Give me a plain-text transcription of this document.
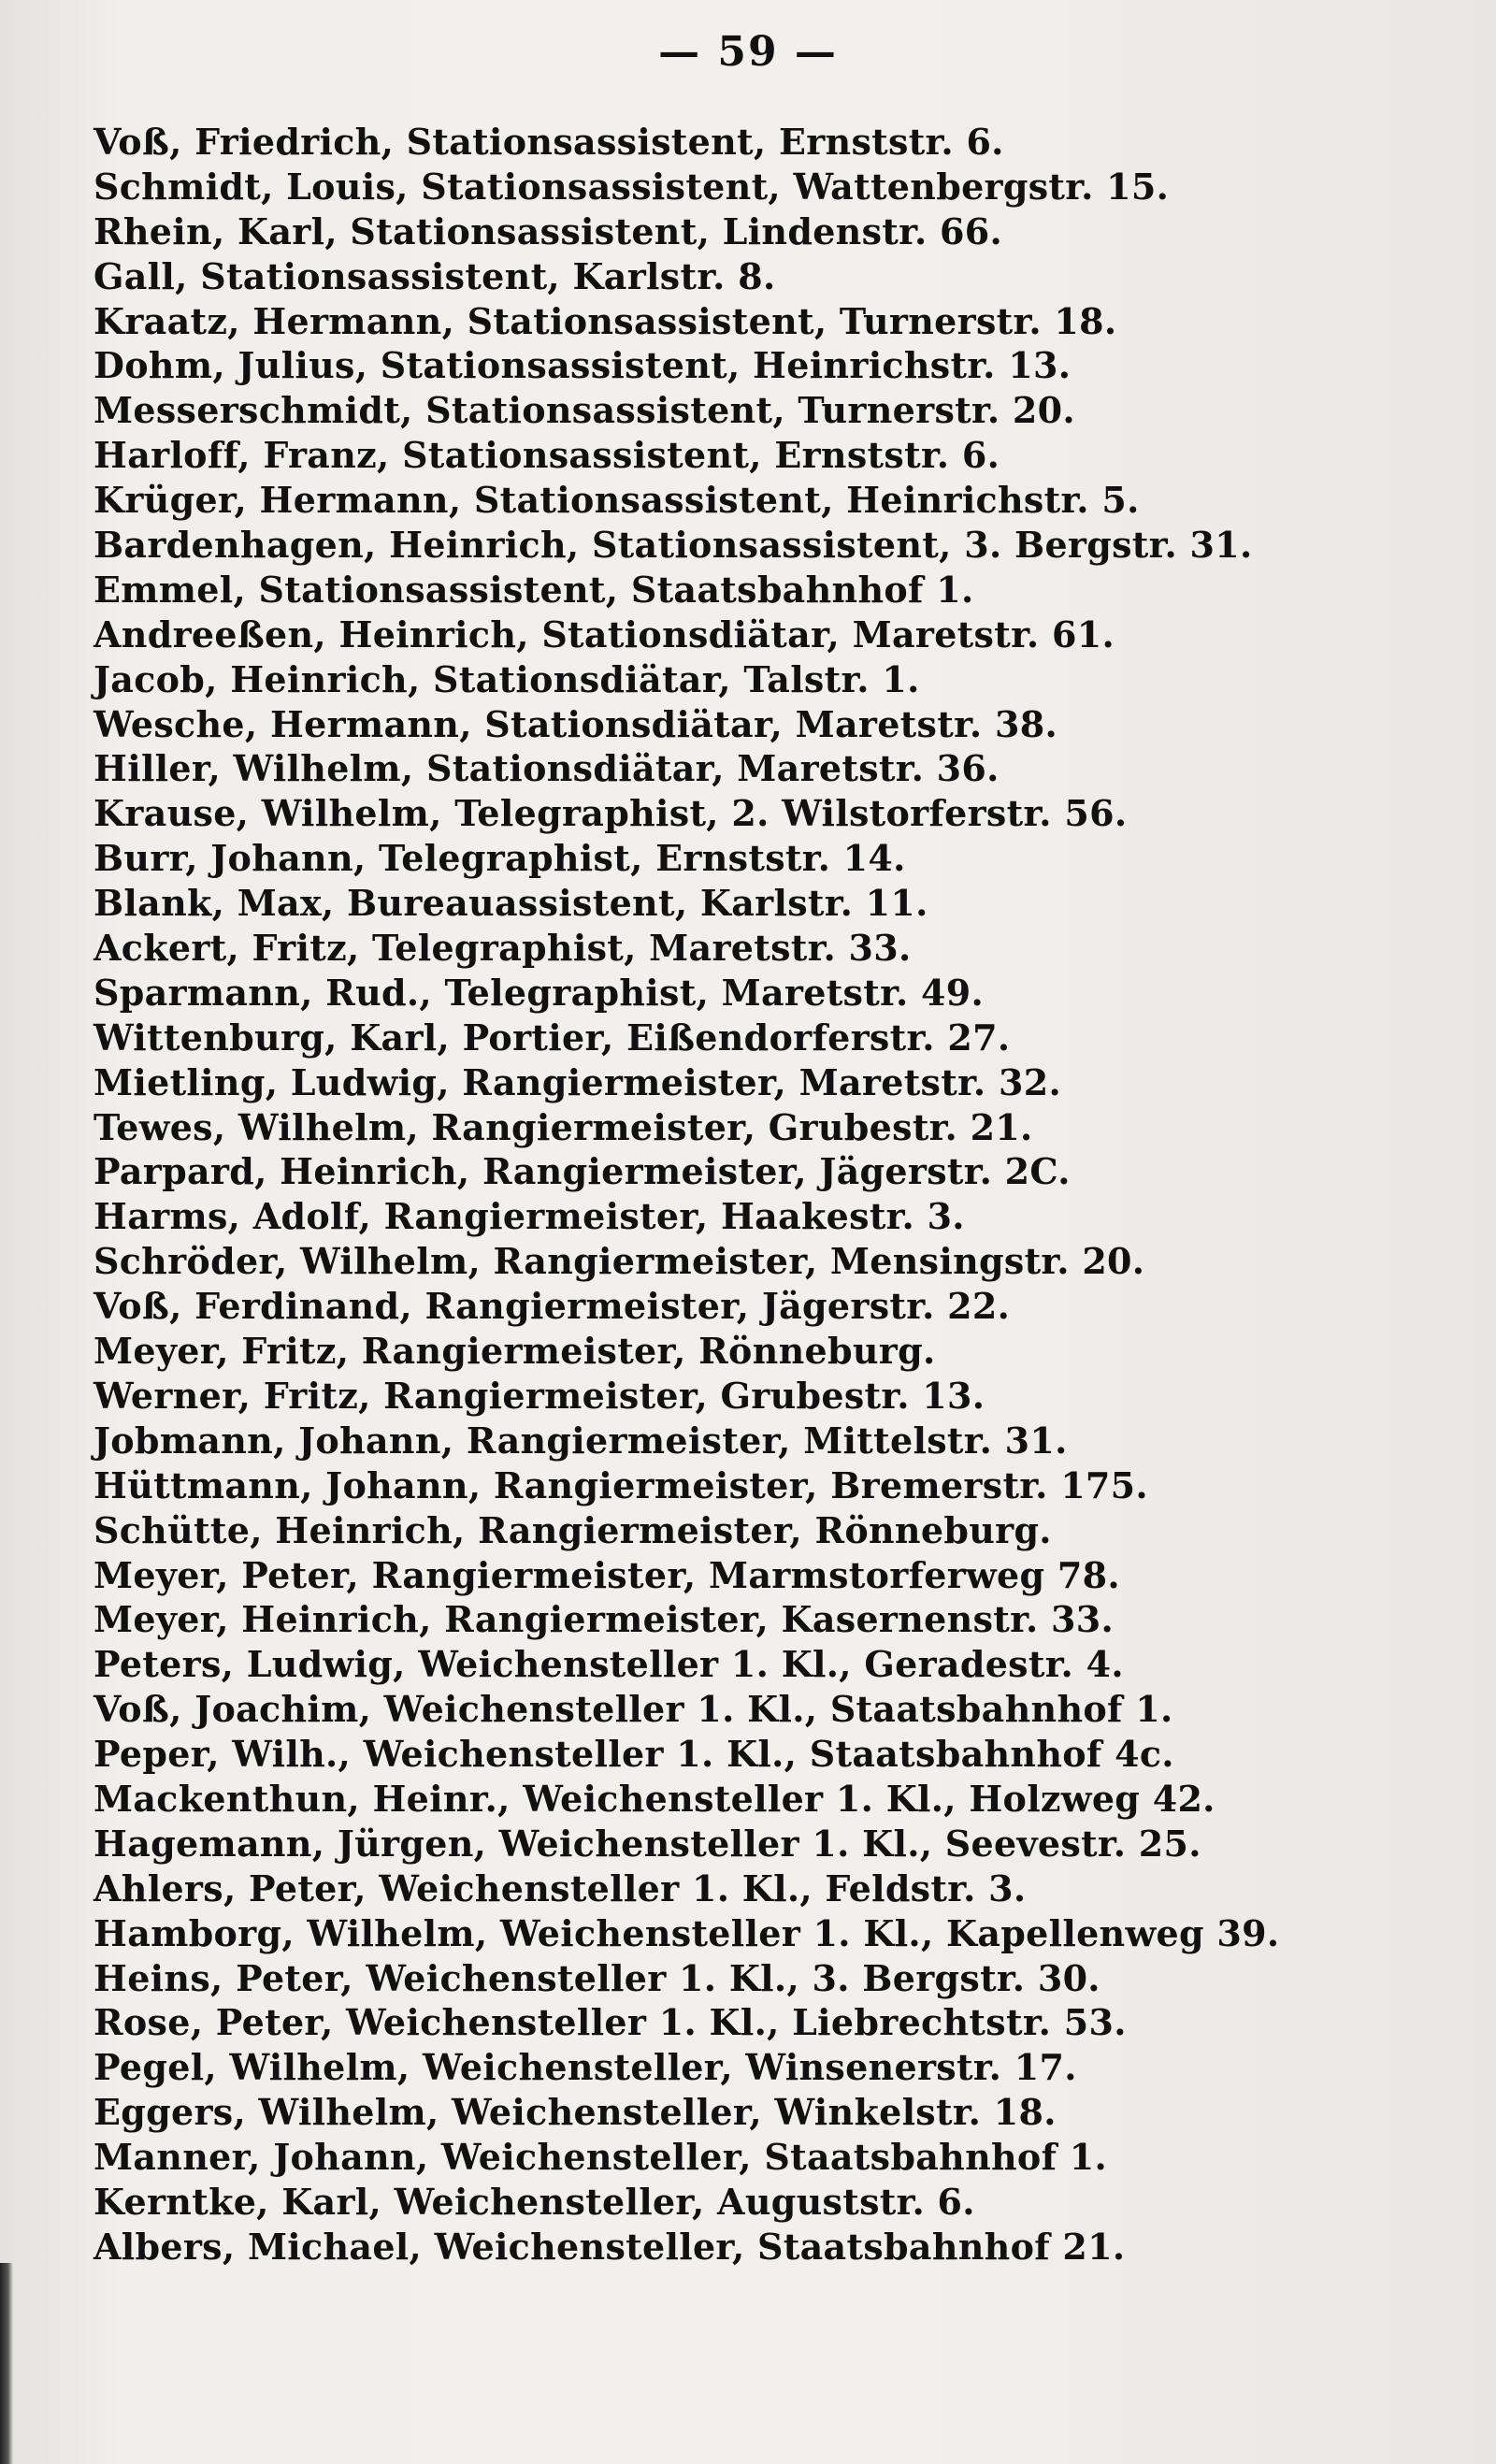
— 59 —
Voß, Friedrich, Stationsassistent, Ernststr. 6.
Schmidt, Louis, Stationsassistent, Wattenbergstr. 15.
Rhein, Karl, Stationsassistent, Lindenstr. 66.
Gall, Stationsassistent, Karlstr. 8.
Kraatz, Hermann, Stationsassistent, Turnerstr. 18.
Dohm, Julius, Stationsassistent, Heinrichstr. 13.
Messerschmidt, Stationsassistent, Turnerstr. 20.
Harloff, Franz, Stationsassistent, Ernststr. 6.
Krüger, Hermann, Stationsassistent, Heinrichstr. 5.
Bardenhagen, Heinrich, Stationsassistent, 3. Bergstr. 31.
Emmel, Stationsassistent, Staatsbahnhof 1.
Andreeßen, Heinrich, Stationsdiätar, Maretstr. 61.
Jacob, Heinrich, Stationsdiätar, Talstr. 1.
Wesche, Hermann, Stationsdiätar, Maretstr. 38.
Hiller, Wilhelm, Stationsdiätar, Maretstr. 36.
Krause, Wilhelm, Telegraphist, 2. Wilstorferstr. 56.
Burr, Johann, Telegraphist, Ernststr. 14.
Blank, Max, Bureauassistent, Karlstr. 11.
Ackert, Fritz, Telegraphist, Maretstr. 33.
Sparmann, Rud., Telegraphist, Maretstr. 49.
Wittenburg, Karl, Portier, Eißendorferstr. 27.
Mietling, Ludwig, Rangiermeister, Maretstr. 32.
Tewes, Wilhelm, Rangiermeister, Grubestr. 21.
Parpard, Heinrich, Rangiermeister, Jägerstr. 2C.
Harms, Adolf, Rangiermeister, Haakestr. 3.
Schröder, Wilhelm, Rangiermeister, Mensingstr. 20.
Voß, Ferdinand, Rangiermeister, Jägerstr. 22.
Meyer, Fritz, Rangiermeister, Rönneburg.
Werner, Fritz, Rangiermeister, Grubestr. 13.
Jobmann, Johann, Rangiermeister, Mittelstr. 31.
Hüttmann, Johann, Rangiermeister, Bremerstr. 175.
Schütte, Heinrich, Rangiermeister, Rönneburg.
Meyer, Peter, Rangiermeister, Marmstorferweg 78.
Meyer, Heinrich, Rangiermeister, Kasernenstr. 33.
Peters, Ludwig, Weichensteller 1. Kl., Geradestr. 4.
Voß, Joachim, Weichensteller 1. Kl., Staatsbahnhof 1.
Peper, Wilh., Weichensteller 1. Kl., Staatsbahnhof 4c.
Mackenthun, Heinr., Weichensteller 1. Kl., Holzweg 42.
Hagemann, Jürgen, Weichensteller 1. Kl., Seevestr. 25.
Ahlers, Peter, Weichensteller 1. Kl., Feldstr. 3.
Hamborg, Wilhelm, Weichensteller 1. Kl., Kapellenweg 39.
Heins, Peter, Weichensteller 1. Kl., 3. Bergstr. 30.
Rose, Peter, Weichensteller 1. Kl., Liebrechtstr. 53.
Pegel, Wilhelm, Weichensteller, Winsenerstr. 17.
Eggers, Wilhelm, Weichensteller, Winkelstr. 18.
Manner, Johann, Weichensteller, Staatsbahnhof 1.
Kerntke, Karl, Weichensteller, Auguststr. 6.
Albers, Michael, Weichensteller, Staatsbahnhof 21.
